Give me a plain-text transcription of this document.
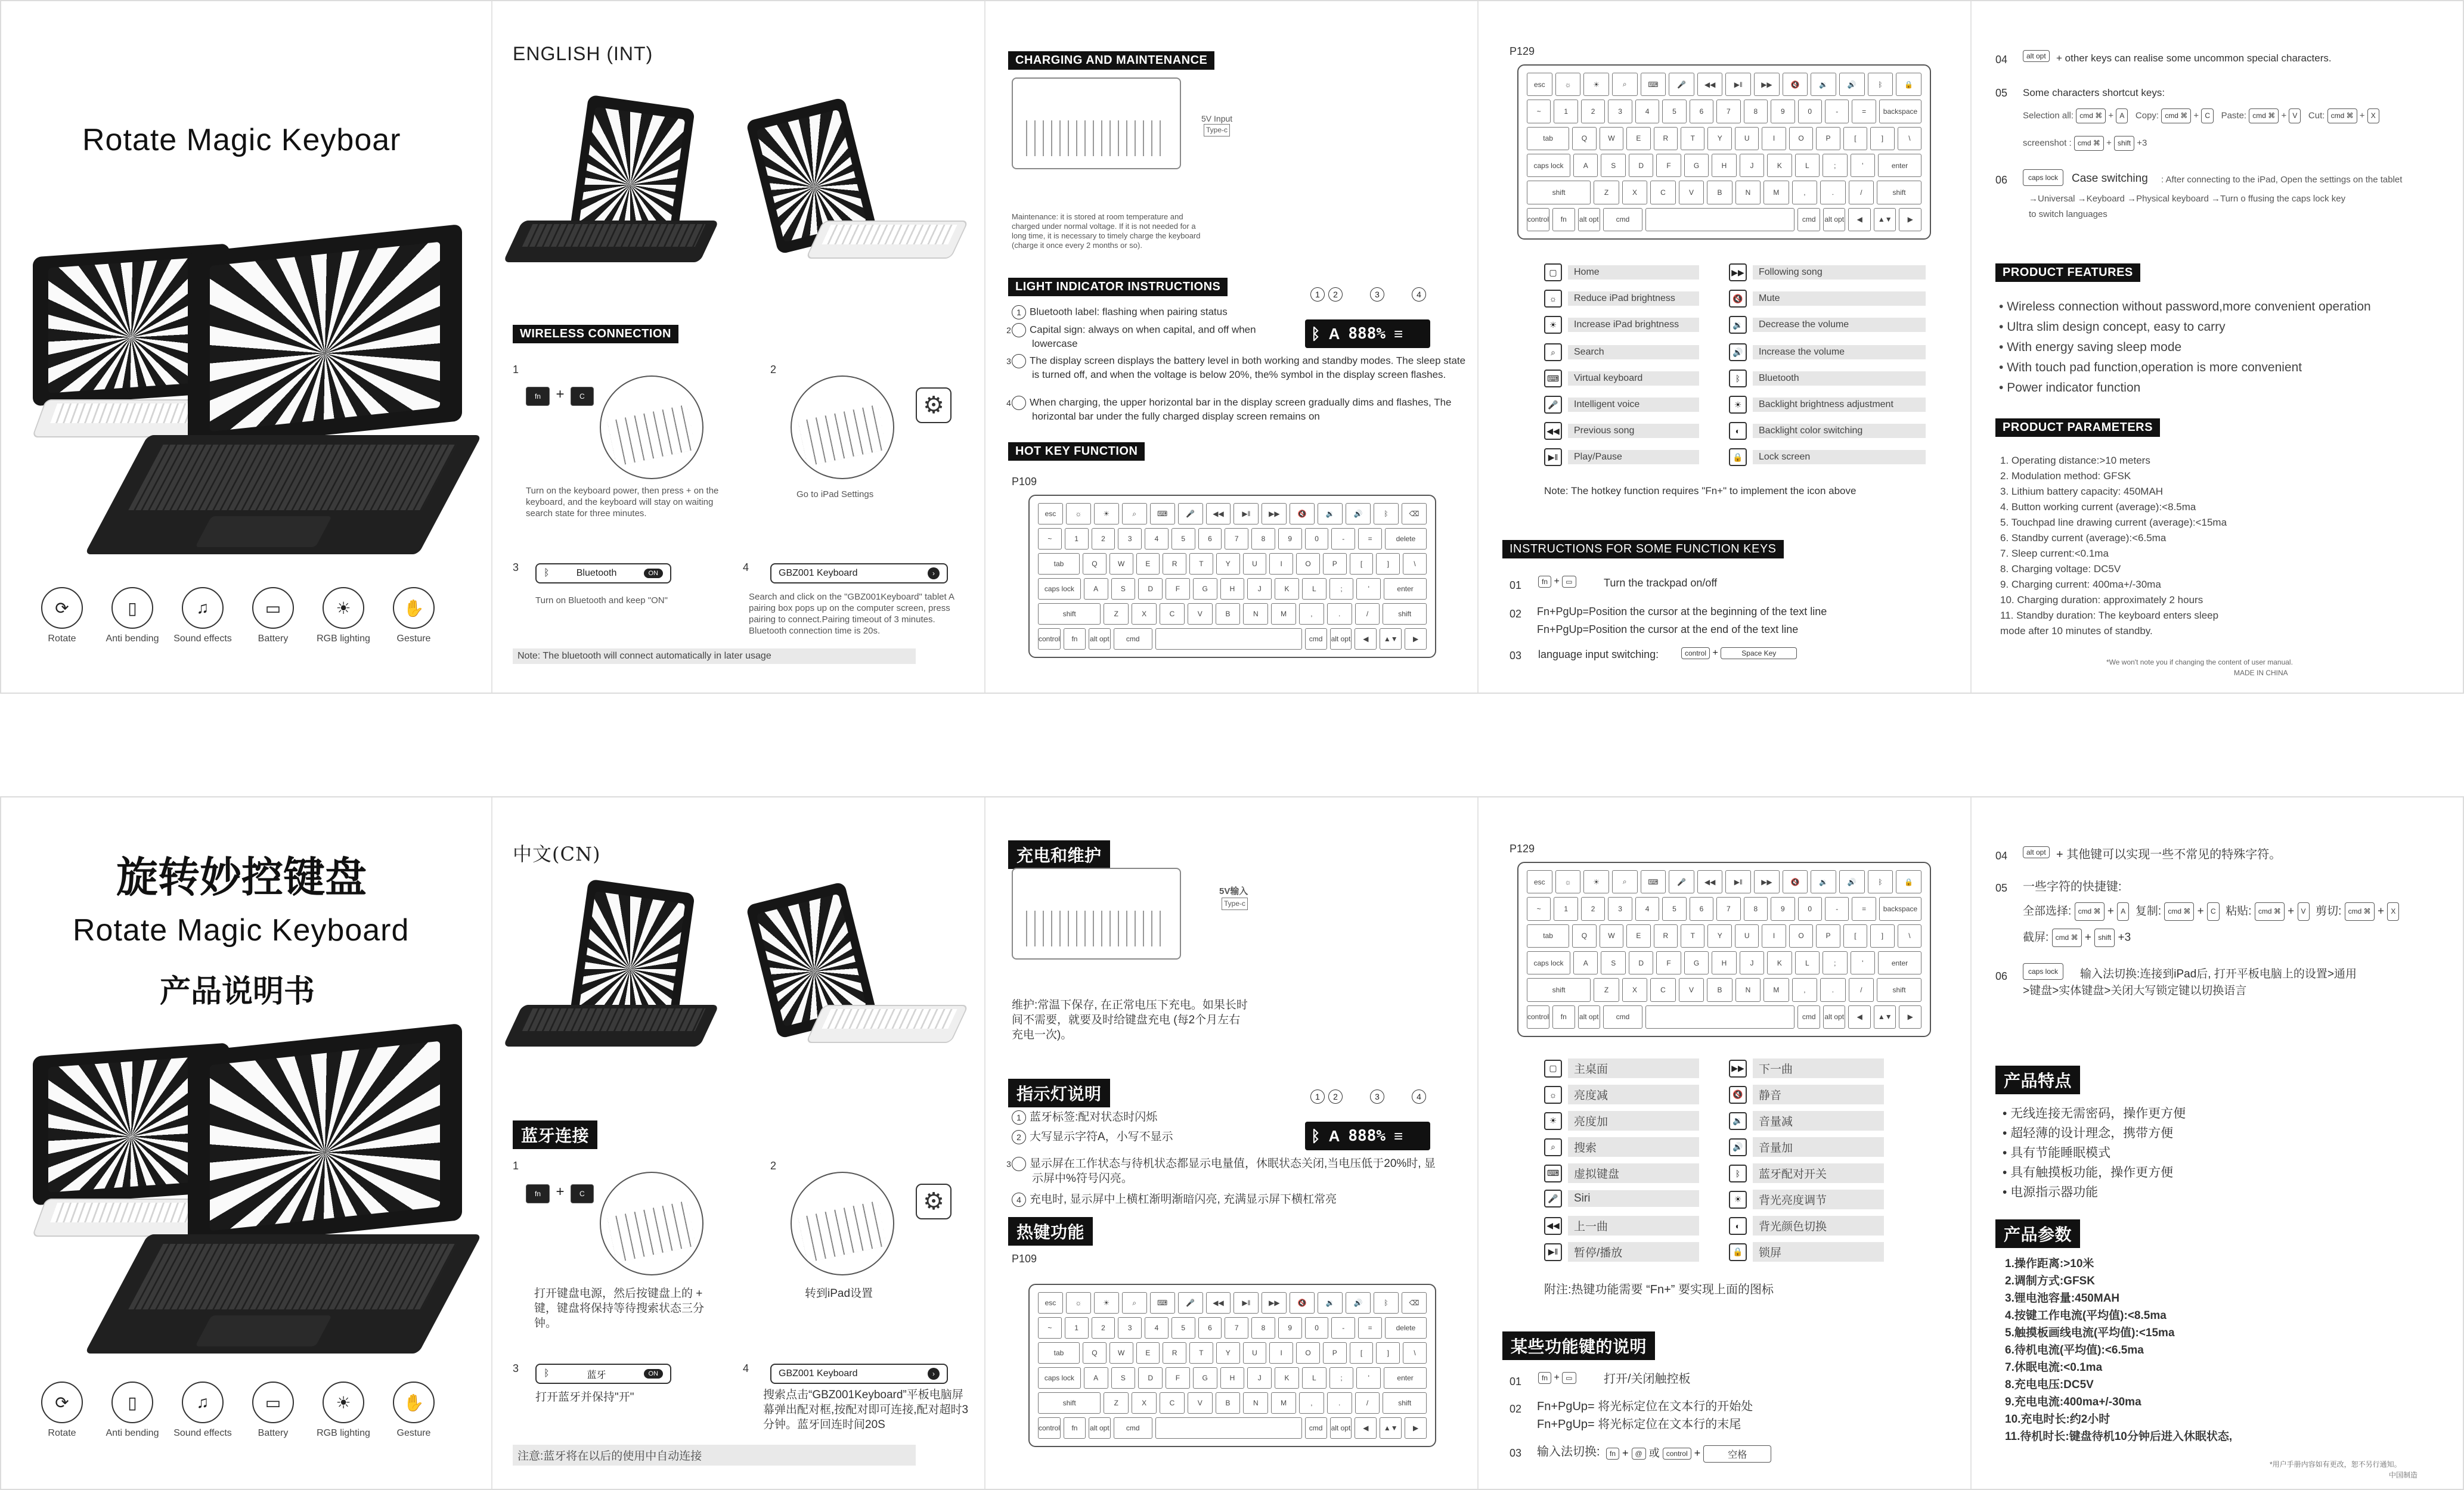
Rotate Magic Keyboar
⟳
Rotate
▯
Anti bending
♫
Sound effects
▭
Battery
☀
RGB lighting
✋
Gesture
ENGLISH (INT)
WIRELESS CONNECTION
1
fn + C
Turn on the keyboard power, then press + on the keyboard, and the keyboard will stay on waiting search state for three minutes.
2
⚙
Go to iPad Settings
3	ᛒ	Bluetooth	ON
Turn on Bluetooth and keep "ON"
4	GBZ001 Keyboard	›
Search and click on the "GBZ001Keyboard" tablet A pairing box pops up on the computer screen, press pairing to connect.Pairing timeout of 3 minutes. Bluetooth connection time is 20s.
Note: The bluetooth will connect automatically in later usage
CHARGING AND MAINTENANCE
5V Input
Type-c
Maintenance: it is stored at room temperature and charged under normal voltage. If it is not needed for a long time, it is necessary to timely charge the keyboard (charge it once every 2 months or so).
LIGHT INDICATOR INSTRUCTIONS
1 2	3	4
ᛒ A 888% ≡
1 Bluetooth label: flashing when pairing status
2 Capital sign: always on when capital, and off when lowercase
3 The display screen displays the battery level in both working and standby modes. The sleep state is turned off, and when the voltage is below 20%, the% symbol in the display screen flashes.
4 When charging, the upper horizontal bar in the display screen gradually dims and flashes, The horizontal bar under the fully charged display screen remains on
HOT KEY FUNCTION
P109
esc	☼	☀	⌕	⌨	🎤	◀◀	▶‖	▶▶	🔇	🔉	🔊	ᛒ	⌫
~	1	2	3	4	5	6	7	8	9	0	-	=	delete
tab	Q	W	E	R	T	Y	U	I	O	P	[	]	\
caps lock	A	S	D	F	G	H	J	K	L	;	'	enter
shift	Z	X	C	V	B	N	M	,	.	/	shift
control	fn	alt opt	cmd	cmd	alt opt	◀	▲▼	▶
P129
esc	☼	☀	⌕	⌨	🎤	◀◀	▶‖	▶▶	🔇	🔉	🔊	ᛒ	🔒
~	1	2	3	4	5	6	7	8	9	0	-	=	backspace
tab	Q	W	E	R	T	Y	U	I	O	P	[	]	\
caps lock	A	S	D	F	G	H	J	K	L	;	'	enter
shift	Z	X	C	V	B	N	M	,	.	/	shift
control	fn	alt opt	cmd	cmd	alt opt	◀	▲▼	▶
▢	Home
☼	Reduce iPad brightness
☀	Increase iPad brightness
⌕	Search
⌨	Virtual keyboard
🎤	Intelligent voice
◀◀	Previous song
▶‖	Play/Pause
▶▶	Following song
🔇	Mute
🔉	Decrease the volume
🔊	Increase the volume
ᛒ	Bluetooth
☀	Backlight brightness adjustment
◐	Backlight color switching
🔒	Lock screen
Note: The hotkey function requires "Fn+" to implement the icon above
INSTRUCTIONS FOR SOME FUNCTION KEYS
01	fn + ▭	Turn the trackpad on/off
02 Fn+PgUp=Position the cursor at the beginning of the text line
Fn+PgUp=Position the cursor at the end of the text line
03 language input switching:	control +	Space Key
04	alt opt	+ other keys can realise some uncommon special characters.
05 Some characters shortcut keys:
Selection all: cmd ⌘ + A Copy: cmd ⌘ + C Paste: cmd ⌘ + V Cut: cmd ⌘ + X
screenshot : cmd ⌘ + shift +3
06	caps lock	Case switching : After connecting to the iPad, Open the settings on the tablet
→Universal →Keyboard →Physical keyboard →Turn o ffusing the caps lock key
to switch languages
PRODUCT FEATURES
• Wireless connection without password,more convenient operation
• Ultra slim design concept, easy to carry
• With energy saving sleep mode
• With touch pad function,operation is more convenient
• Power indicator function
PRODUCT PARAMETERS
1. Operating distance:>10 meters
2. Modulation method: GFSK
3. Lithium battery capacity: 450MAH
4. Button working current (average):<8.5ma
5. Touchpad line drawing current (average):<15ma
6. Standby current (average):<6.5ma
7. Sleep current:<0.1ma
8. Charging voltage: DC5V
9. Charging current: 400ma+/-30ma
10. Charging duration: approximately 2 hours
11. Standby duration: The keyboard enters sleep
mode after 10 minutes of standby.
*We won't note you if changing the content of user manual.
MADE IN CHINA
旋转妙控键盘
Rotate Magic Keyboard
产品说明书
⟳
Rotate
▯
Anti bending
♫
Sound effects
▭
Battery
☀
RGB lighting
✋
Gesture
中文(CN)
蓝牙连接
1
fn + C
打开键盘电源，然后按键盘上的 + 键，键盘将保持等待搜索状态三分钟。
2
⚙
转到iPad设置
3	ᛒ	蓝牙	ON
打开蓝牙并保持"开"
4	GBZ001 Keyboard	›
搜索点击“GBZ001Keyboard”平板电脑屏幕弹出配对框,按配对即可连接,配对超时3分钟。蓝牙回连时间20S
注意:蓝牙将在以后的使用中自动连接
充电和维护
5V输入
Type-c
维护:常温下保存, 在正常电压下充电。如果长时间不需要，就要及时给键盘充电 (每2个月左右充电一次)。
指示灯说明	1 2	3	4
ᛒ A 888% ≡
1 蓝牙标签:配对状态时闪烁
2 大写显示字符A，小写不显示
3 显示屏在工作状态与待机状态都显示电量值，休眠状态关闭,当电压低于20%时, 显示屏中%符号闪亮。
4 充电时, 显示屏中上横杠渐明渐暗闪亮, 充满显示屏下横杠常亮
热键功能
P109
esc	☼	☀	⌕	⌨	🎤	◀◀	▶‖	▶▶	🔇	🔉	🔊	ᛒ	⌫
~	1	2	3	4	5	6	7	8	9	0	-	=	delete
tab	Q	W	E	R	T	Y	U	I	O	P	[	]	\
caps lock	A	S	D	F	G	H	J	K	L	;	'	enter
shift	Z	X	C	V	B	N	M	,	.	/	shift
control	fn	alt opt	cmd	cmd	alt opt	◀	▲▼	▶
P129
esc	☼	☀	⌕	⌨	🎤	◀◀	▶‖	▶▶	🔇	🔉	🔊	ᛒ	🔒
~	1	2	3	4	5	6	7	8	9	0	-	=	backspace
tab	Q	W	E	R	T	Y	U	I	O	P	[	]	\
caps lock	A	S	D	F	G	H	J	K	L	;	'	enter
shift	Z	X	C	V	B	N	M	,	.	/	shift
control	fn	alt opt	cmd	cmd	alt opt	◀	▲▼	▶
▢	主桌面
☼	亮度减
☀	亮度加
⌕	搜索
⌨	虚拟键盘
🎤	Siri
◀◀	上一曲
▶‖	暂停/播放
▶▶	下一曲
🔇	静音
🔉	音量减
🔊	音量加
ᛒ	蓝牙配对开关
☀	背光亮度调节
◐	背光颜色切换
🔒	锁屏
附注:热键功能需要 “Fn+” 要实现上面的图标
某些功能键的说明
01	fn + ▭	打开/关闭触控板
02 Fn+PgUp= 将光标定位在文本行的开始处
Fn+PgUp= 将光标定位在文本行的末尾
03 输入法切换:	fn + @ 或 control +	空格
04	alt opt + 其他键可以实现一些不常见的特殊字符。
05 一些字符的快捷键:
全部选择: cmd ⌘ + A 复制: cmd ⌘ + C 粘贴: cmd ⌘ + V 剪切: cmd ⌘ + X
截屏: cmd ⌘ + shift +3
06	caps lock	输入法切换:连接到iPad后, 打开平板电脑上的设置>通用
>键盘>实体键盘>关闭大写锁定键以切换语言
产品特点
• 无线连接无需密码，操作更方便
• 超轻薄的设计理念，携带方便
• 具有节能睡眠模式
• 具有触摸板功能，操作更方便
• 电源指示器功能
产品参数
1.操作距离:>10米
2.调制方式:GFSK
3.锂电池容量:450MAH
4.按键工作电流(平均值):<8.5ma
5.触摸板画线电流(平均值):<15ma
6.待机电流(平均值):<6.5ma
7.休眠电流:<0.1ma
8.充电电压:DC5V
9.充电电流:400ma+/-30ma
10.充电时长:约2小时
11.待机时长:键盘待机10分钟后进入休眠状态,
*用户手册内容如有更改，恕不另行通知。
中国制造
